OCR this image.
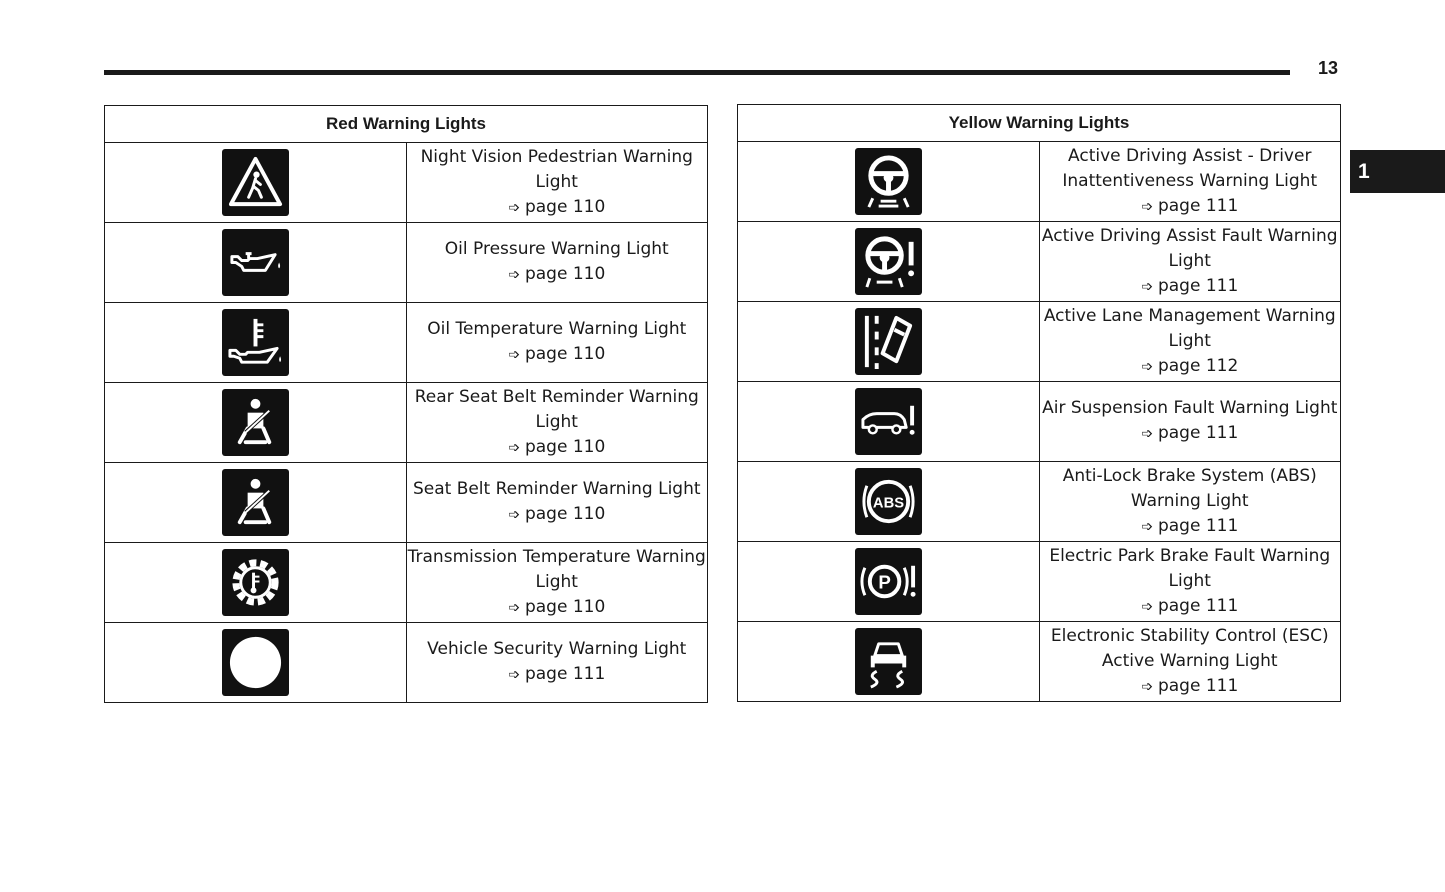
13
1
Red Warning Lights	

	Night Vision Pedestrian Warning Light
➩ page 110

	Oil Pressure Warning Light
➩ page 110

	Oil Temperature Warning Light
➩ page 110

	Rear Seat Belt Reminder Warning Light
➩ page 110

	Seat Belt Reminder Warning Light
➩ page 110

	Transmission Temperature Warning Light
➩ page 110

	Vehicle Security Warning Light
➩ page 111
Yellow Warning Lights	

	Active Driving Assist - Driver Inattentiveness Warning Light
➩ page 111

	Active Driving Assist Fault Warning Light
➩ page 111

	Active Lane Management Warning Light
➩ page 112

	Air Suspension Fault Warning Light
➩ page 111

ABS	Anti-Lock Brake System (ABS) Warning Light
➩ page 111

P	Electric Park Brake Fault Warning Light
➩ page 111

	Electronic Stability Control (ESC) Active Warning Light
➩ page 111
